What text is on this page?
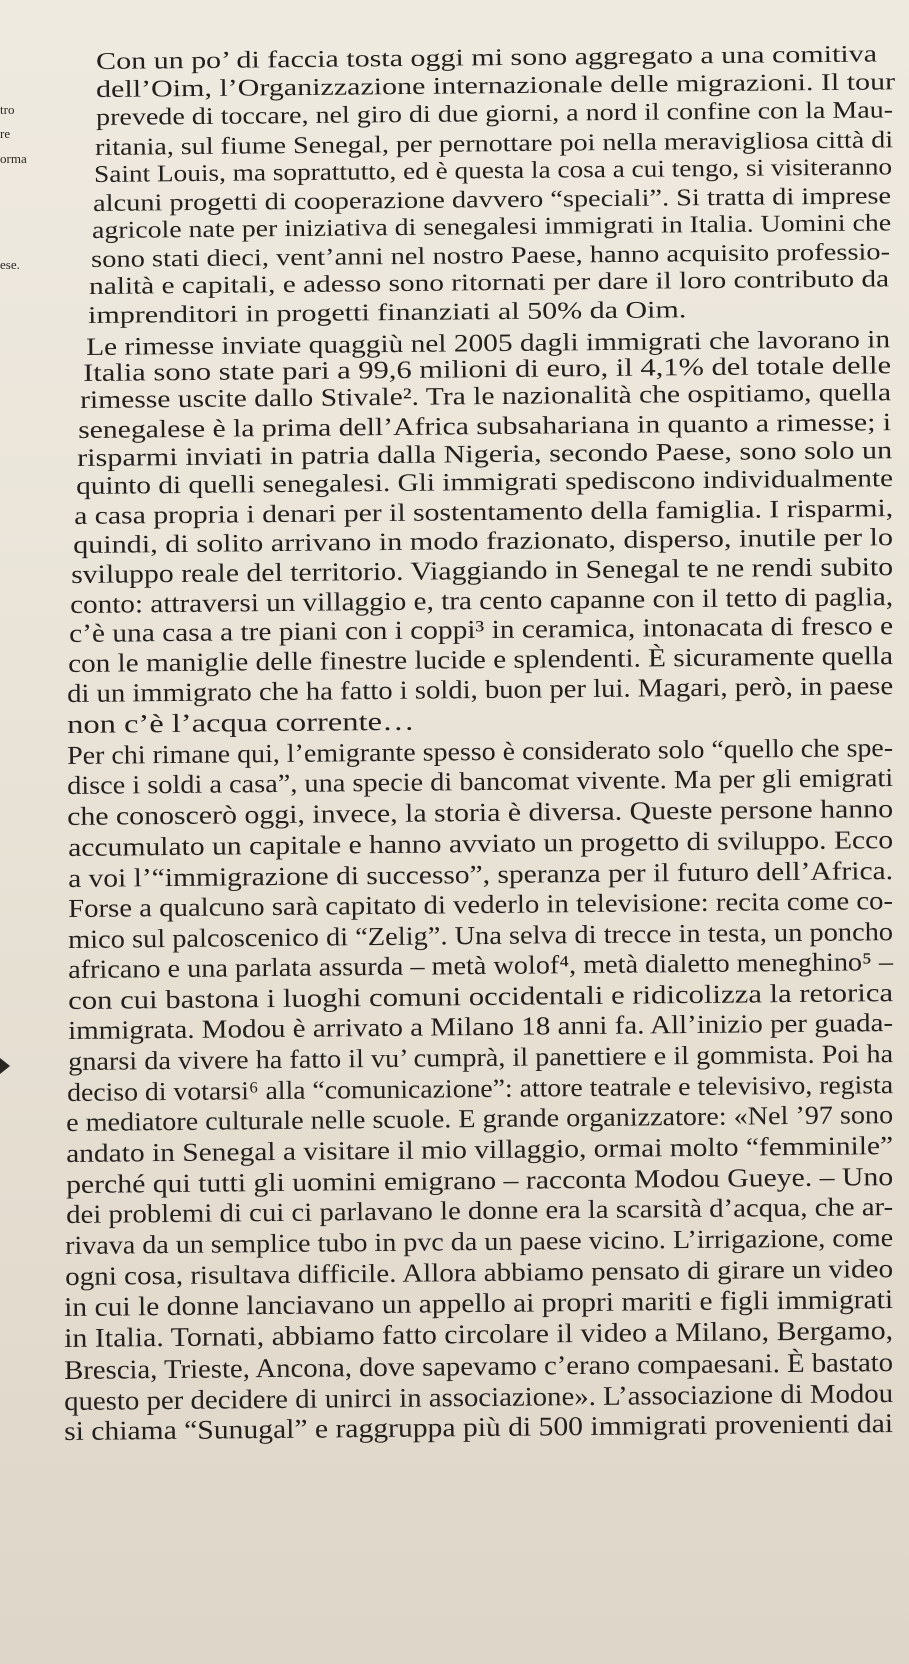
tro
re
orma
ese.
Con un po’ di faccia tosta oggi mi sono aggregato a una comitiva
dell’Oim, l’Organizzazione internazionale delle migrazioni. Il tour
prevede di toccare, nel giro di due giorni, a nord il confine con la Mau-
ritania, sul fiume Senegal, per pernottare poi nella meravigliosa città di
Saint Louis, ma soprattutto, ed è questa la cosa a cui tengo, si visiteranno
alcuni progetti di cooperazione davvero “speciali”. Si tratta di imprese
agricole nate per iniziativa di senegalesi immigrati in Italia. Uomini che
sono stati dieci, vent’anni nel nostro Paese, hanno acquisito professio-
nalità e capitali, e adesso sono ritornati per dare il loro contributo da
imprenditori in progetti finanziati al 50% da Oim.
Le rimesse inviate quaggiù nel 2005 dagli immigrati che lavorano in
Italia sono state pari a 99,6 milioni di euro, il 4,1% del totale delle
rimesse uscite dallo Stivale². Tra le nazionalità che ospitiamo, quella
senegalese è la prima dell’Africa subsahariana in quanto a rimesse; i
risparmi inviati in patria dalla Nigeria, secondo Paese, sono solo un
quinto di quelli senegalesi. Gli immigrati spediscono individualmente
a casa propria i denari per il sostentamento della famiglia. I risparmi,
quindi, di solito arrivano in modo frazionato, disperso, inutile per lo
sviluppo reale del territorio. Viaggiando in Senegal te ne rendi subito
conto: attraversi un villaggio e, tra cento capanne con il tetto di paglia,
c’è una casa a tre piani con i coppi³ in ceramica, intonacata di fresco e
con le maniglie delle finestre lucide e splendenti. È sicuramente quella
di un immigrato che ha fatto i soldi, buon per lui. Magari, però, in paese
non c’è l’acqua corrente…
Per chi rimane qui, l’emigrante spesso è considerato solo “quello che spe-
disce i soldi a casa”, una specie di bancomat vivente. Ma per gli emigrati
che conoscerò oggi, invece, la storia è diversa. Queste persone hanno
accumulato un capitale e hanno avviato un progetto di sviluppo. Ecco
a voi l’“immigrazione di successo”, speranza per il futuro dell’Africa.
Forse a qualcuno sarà capitato di vederlo in televisione: recita come co-
mico sul palcoscenico di “Zelig”. Una selva di trecce in testa, un poncho
africano e una parlata assurda – metà wolof⁴, metà dialetto meneghino⁵ –
con cui bastona i luoghi comuni occidentali e ridicolizza la retorica
immigrata. Modou è arrivato a Milano 18 anni fa. All’inizio per guada-
gnarsi da vivere ha fatto il vu’ cumprà, il panettiere e il gommista. Poi ha
deciso di votarsi⁶ alla “comunicazione”: attore teatrale e televisivo, regista
e mediatore culturale nelle scuole. E grande organizzatore: «Nel ’97 sono
andato in Senegal a visitare il mio villaggio, ormai molto “femminile”
perché qui tutti gli uomini emigrano – racconta Modou Gueye. – Uno
dei problemi di cui ci parlavano le donne era la scarsità d’acqua, che ar-
rivava da un semplice tubo in pvc da un paese vicino. L’irrigazione, come
ogni cosa, risultava difficile. Allora abbiamo pensato di girare un video
in cui le donne lanciavano un appello ai propri mariti e figli immigrati
in Italia. Tornati, abbiamo fatto circolare il video a Milano, Bergamo,
Brescia, Trieste, Ancona, dove sapevamo c’erano compaesani. È bastato
questo per decidere di unirci in associazione». L’associazione di Modou
si chiama “Sunugal” e raggruppa più di 500 immigrati provenienti dai
